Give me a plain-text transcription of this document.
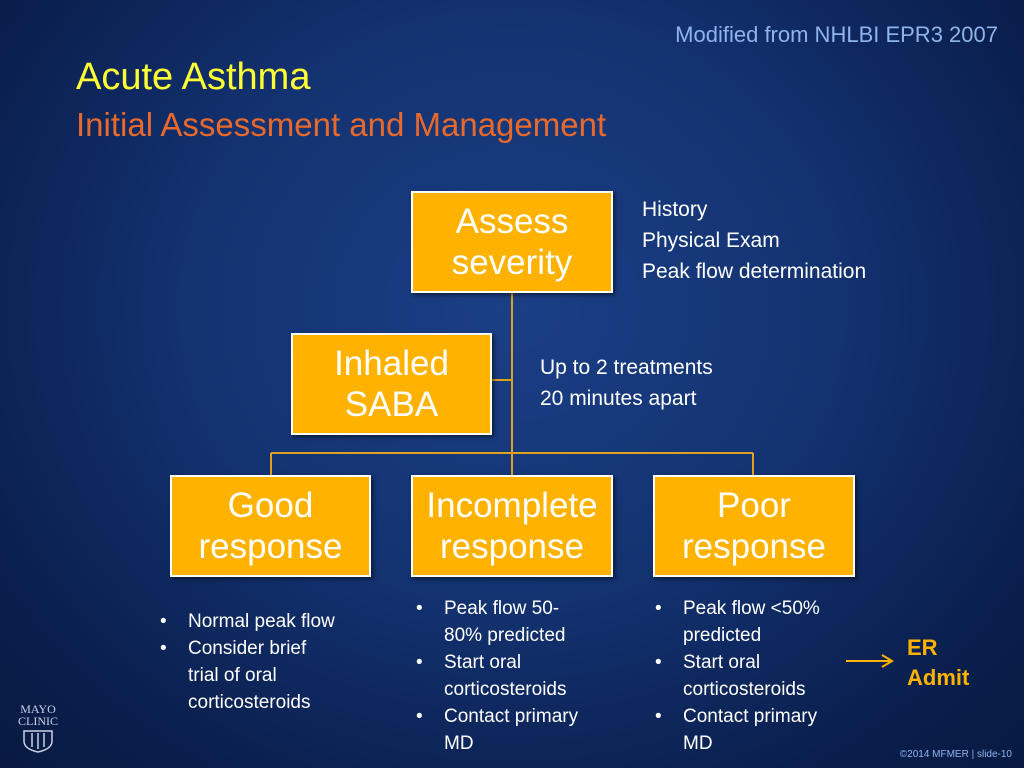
Modified from NHLBI EPR3 2007
Acute Asthma
Initial Assessment and Management
Assess
severity
Inhaled
SABA
Good
response
Incomplete
response
Poor
response
History
Physical Exam
Peak flow determination
Up to 2 treatments
20 minutes apart
• Normal peak flow
• Consider brief trial of oral corticosteroids
• Peak flow 50-80% predicted
• Start oral corticosteroids
• Contact primary MD
• Peak flow <50% predicted
• Start oral corticosteroids
• Contact primary MD
ER
Admit
MAYO
CLINIC
©2014 MFMER | slide-10
